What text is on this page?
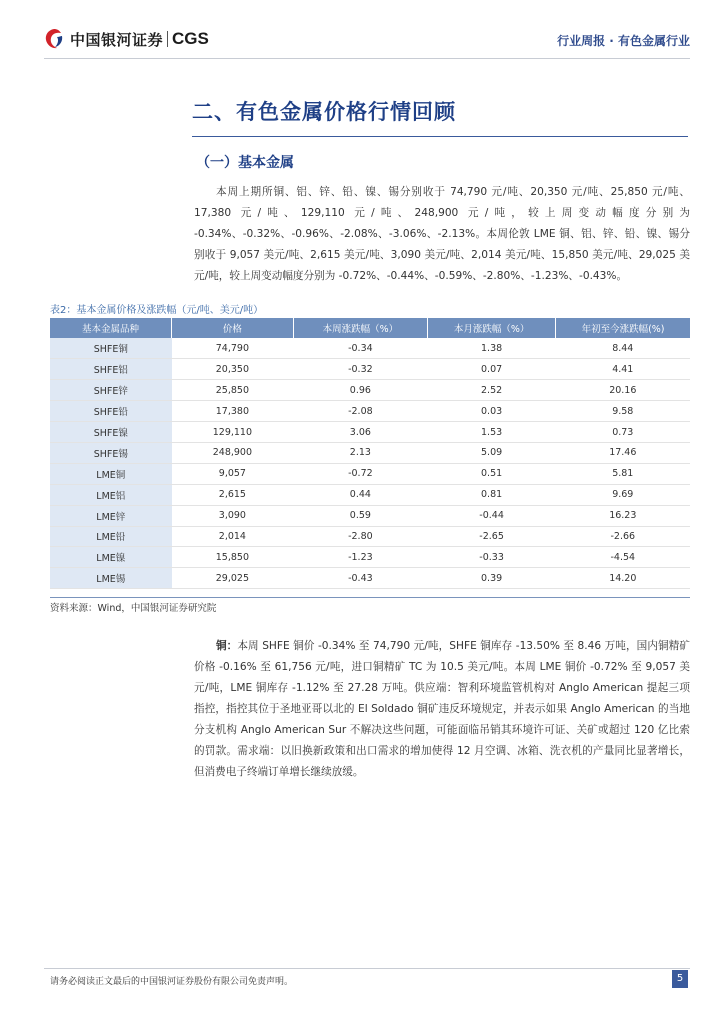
中国银河证券 CGS	行业周报 · 有色金属行业
二、有色金属价格行情回顾
（一）基本金属

本周上期所铜、铝、锌、铅、镍、锡分别收于 74,790 元/吨、20,350 元/吨、25,850 元/吨、17,380 元/吨、129,110 元/吨、248,900 元/吨，较上周变动幅度分别为 -0.34%、-0.32%、-0.96%、-2.08%、-3.06%、-2.13%。本周伦敦 LME 铜、铝、锌、铅、镍、锡分别收于 9,057 美元/吨、2,615 美元/吨、3,090 美元/吨、2,014 美元/吨、15,850 美元/吨、29,025 美元/吨，较上周变动幅度分别为 -0.72%、-0.44%、-0.59%、-2.80%、-1.23%、-0.43%。

表2：基本金属价格及涨跌幅（元/吨、美元/吨）
基本金属品种	价格	本周涨跌幅（%）	本月涨跌幅（%）	年初至今涨跌幅(%)
SHFE铜	74,790	-0.34	1.38	8.44
SHFE铝	20,350	-0.32	0.07	4.41
SHFE锌	25,850	0.96	2.52	20.16
SHFE铅	17,380	-2.08	0.03	9.58
SHFE镍	129,110	3.06	1.53	0.73
SHFE锡	248,900	2.13	5.09	17.46
LME铜	9,057	-0.72	0.51	5.81
LME铝	2,615	0.44	0.81	9.69
LME锌	3,090	0.59	-0.44	16.23
LME铅	2,014	-2.80	-2.65	-2.66
LME镍	15,850	-1.23	-0.33	-4.54
LME锡	29,025	-0.43	0.39	14.20
资料来源：Wind，中国银河证券研究院

铜：本周 SHFE 铜价 -0.34% 至 74,790 元/吨，SHFE 铜库存 -13.50% 至 8.46 万吨，国内铜精矿价格 -0.16% 至 61,756 元/吨，进口铜精矿 TC 为 10.5 美元/吨。本周 LME 铜价 -0.72% 至 9,057 美元/吨，LME 铜库存 -1.12% 至 27.28 万吨。供应端：智利环境监管机构对 Anglo American 提起三项指控，指控其位于圣地亚哥以北的 El Soldado 铜矿违反环境规定，并表示如果 Anglo American 的当地分支机构 Anglo American Sur 不解决这些问题，可能面临吊销其环境许可证、关矿或超过 120 亿比索的罚款。需求端：以旧换新政策和出口需求的增加使得 12 月空调、冰箱、洗衣机的产量同比显著增长，但消费电子终端订单增长继续放缓。

请务必阅读正文最后的中国银河证券股份有限公司免责声明。	5
